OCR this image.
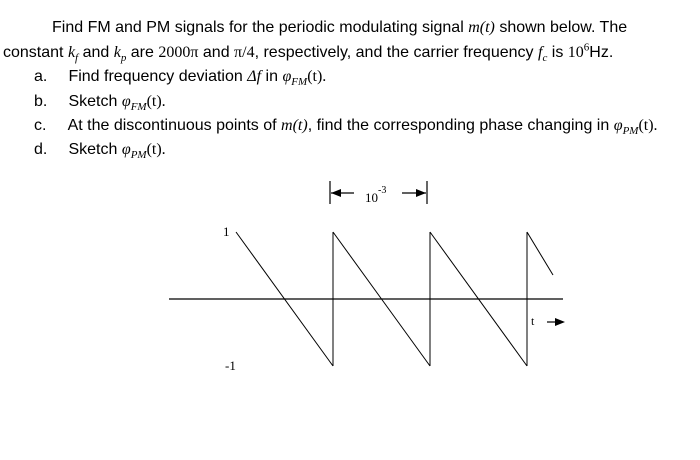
Find FM and PM signals for the periodic modulating signal m(t) shown below. The
constant $k_f$ and $k_p$ are 2000π and π/4, respectively, and the carrier frequency $f_c$ is $10^6Hz$.
a. Find frequency deviation Δf in $\varphi_{FM}(t)$.
b. Sketch $\varphi_{FM}(t)$.
c. At the discontinuous points of m(t), find the corresponding phase changing in $\varphi_{PM}(t)$.
d. Sketch $\varphi_{PM}(t)$.
$10^{-3}$
1
-1
t
